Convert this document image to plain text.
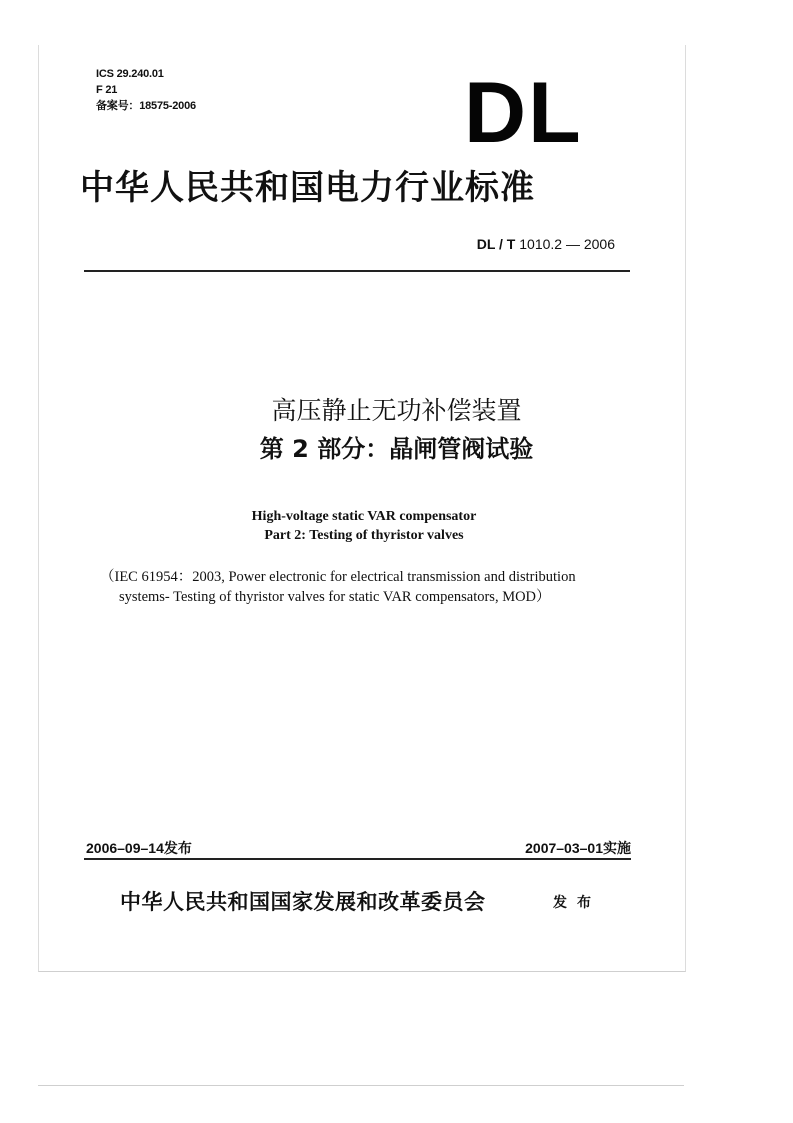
ICS 29.240.01
F 21
备案号：18575-2006	D L
中华人民共和国电力行业标准
DL / T 1010.2 — 2006
高压静止无功补偿装置
第 2 部分：晶闸管阀试验
High-voltage static VAR compensator
Part 2: Testing of thyristor valves
（IEC 61954：2003, Power electronic for electrical transmission and distribution
systems- Testing of thyristor valves for static VAR compensators, MOD）
2006–09–14发布	2007–03–01实施
中华人民共和国国家发展和改革委员会	发布
